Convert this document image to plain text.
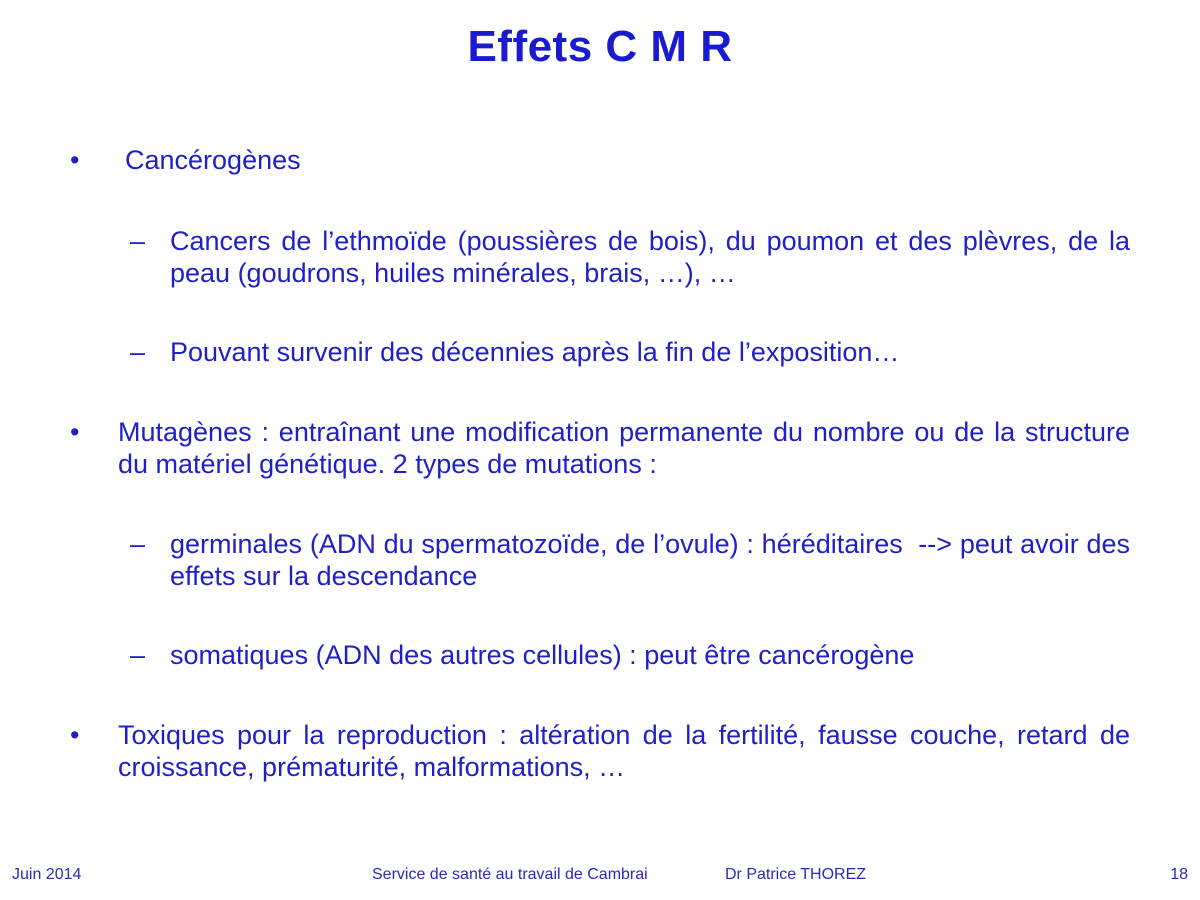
Effets C M R
•	Cancérogènes
– Cancers de l’ethmoïde (poussières de bois), du poumon et des plèvres, de la peau (goudrons, huiles minérales, brais, …), …
– Pouvant survenir des décennies après la fin de l’exposition…
•	Mutagènes : entraînant une modification permanente du nombre ou de la structure du matériel génétique. 2 types de mutations :
– germinales (ADN du spermatozoïde, de l’ovule) : héréditaires  --> peut avoir des effets sur la descendance
– somatiques (ADN des autres cellules) : peut être cancérogène
•	Toxiques pour la reproduction : altération de la fertilité, fausse couche, retard de croissance, prématurité, malformations, …
Juin 2014	Service de santé au travail de Cambrai	Dr Patrice THOREZ	18
